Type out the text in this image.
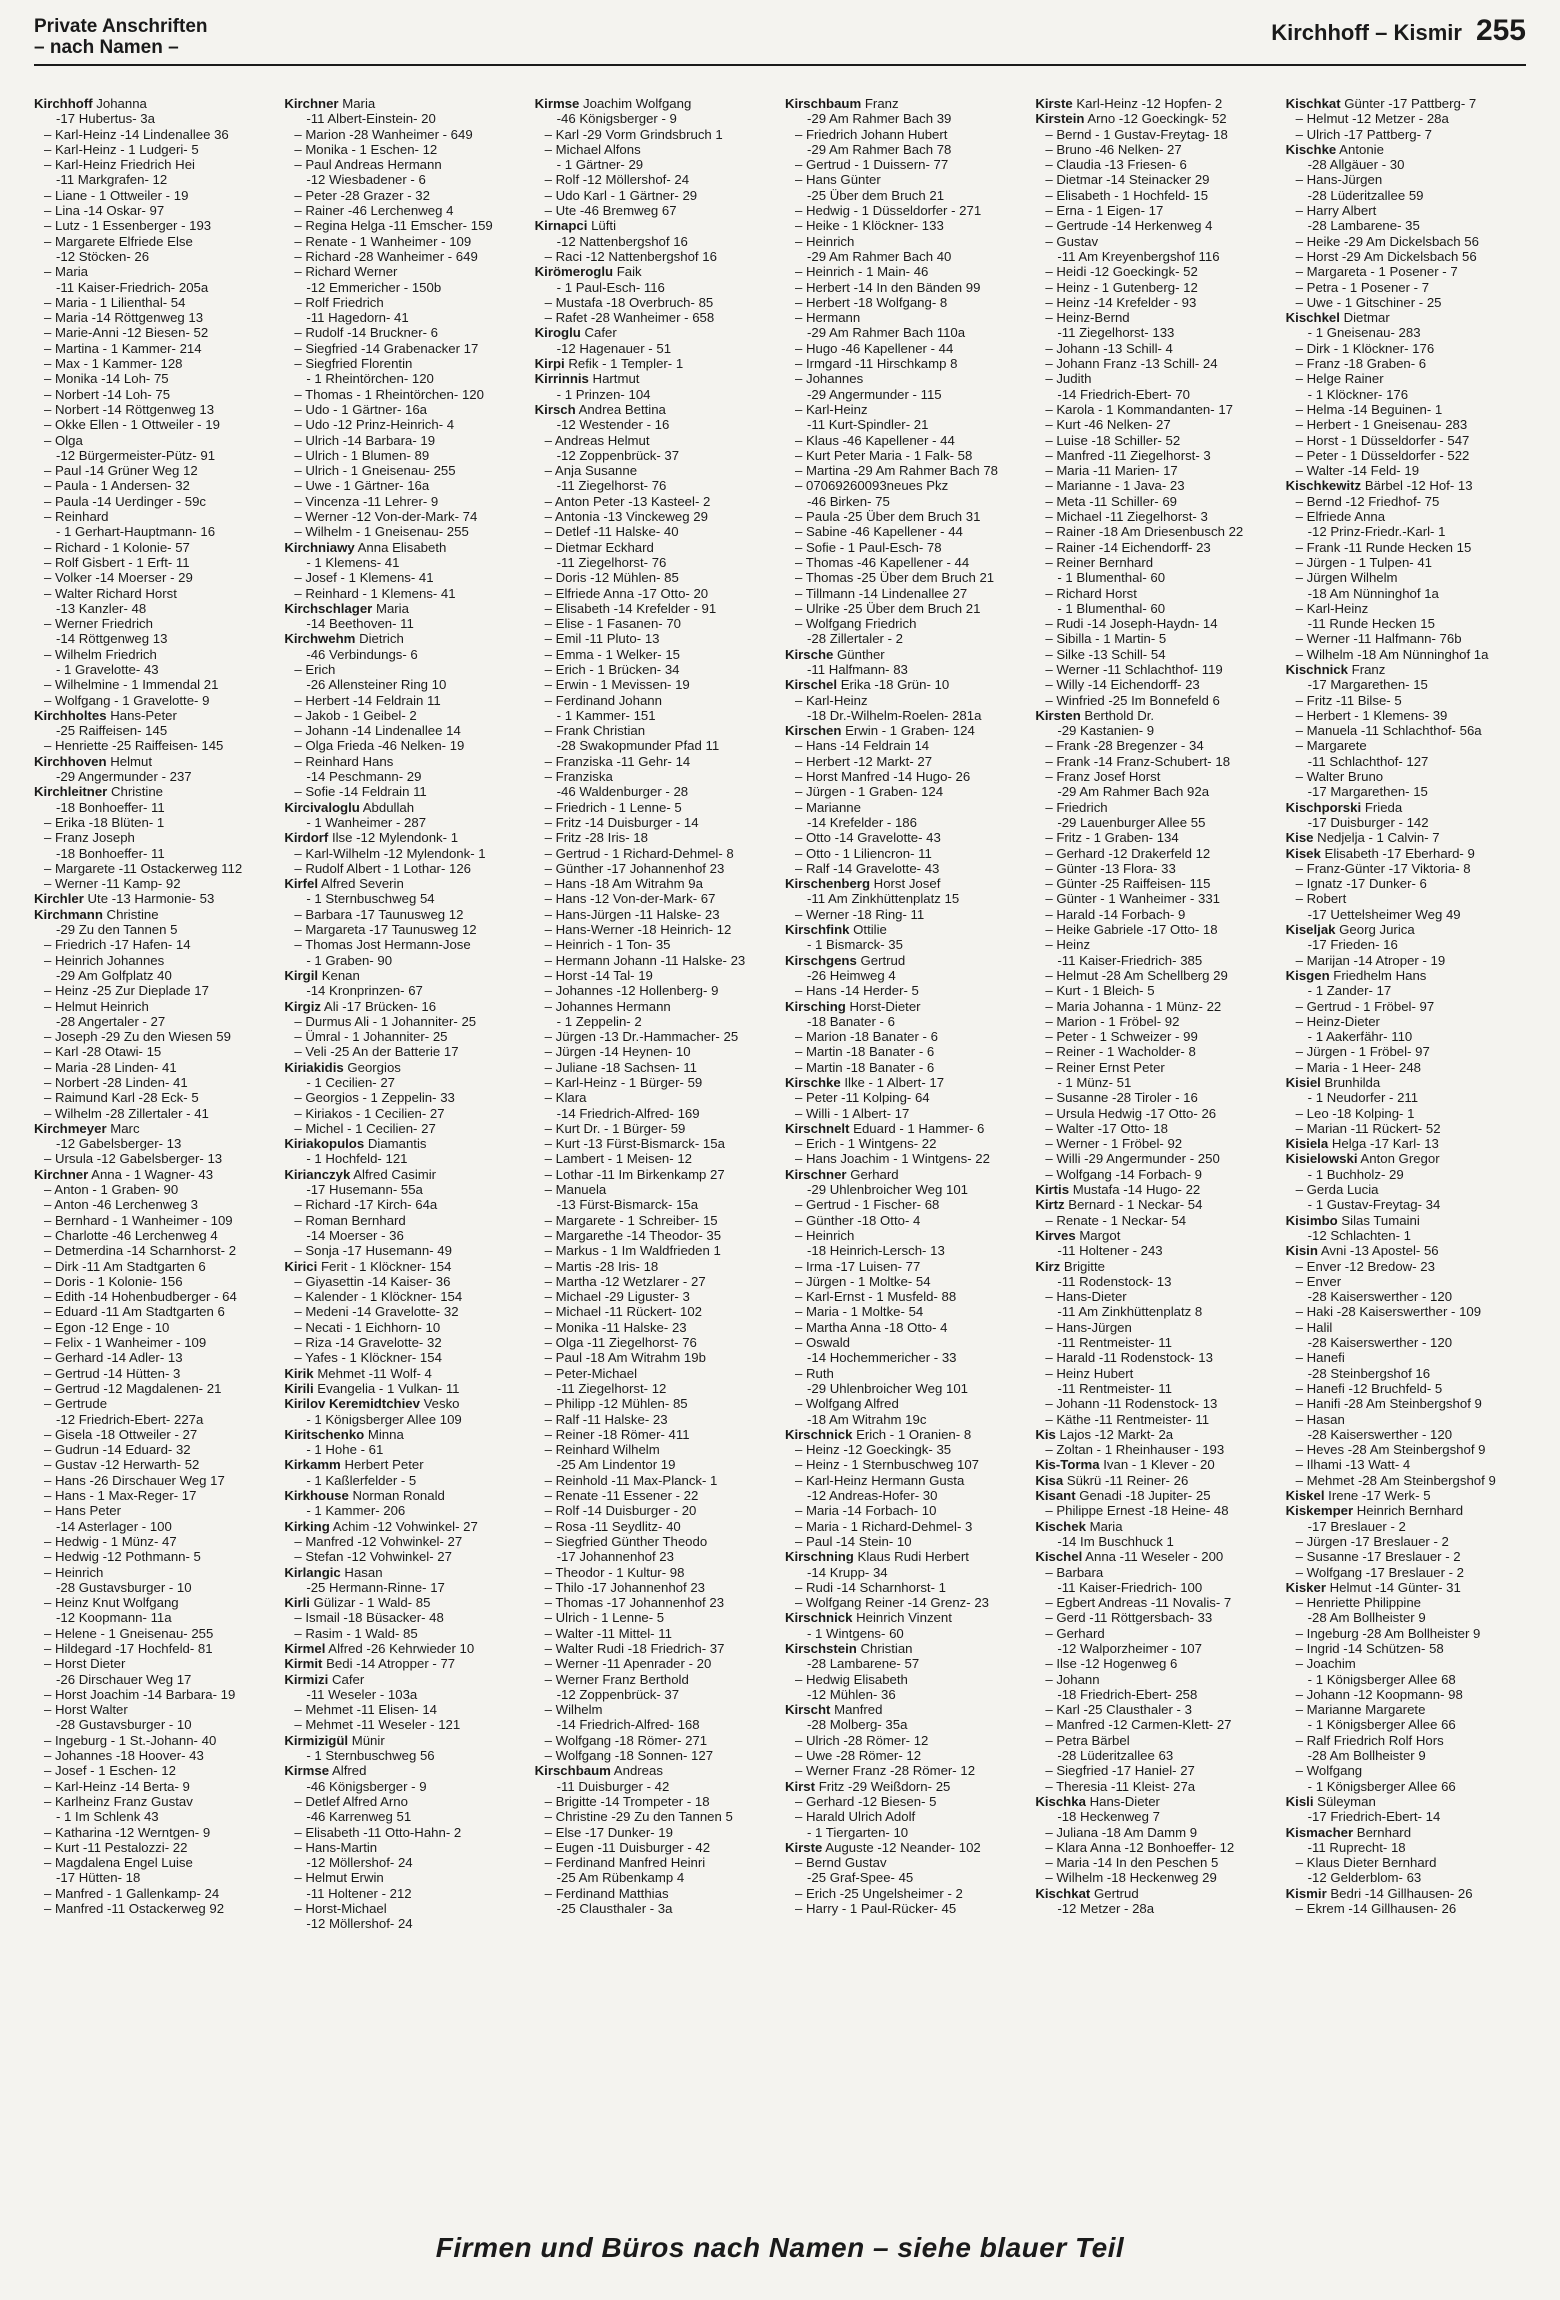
Private Anschriften
– nach Namen –
Kirchhoff – Kismir 255
Kirchhoff Johanna
-17 Hubertus- 3a
– Karl-Heinz -14 Lindenallee 36
– Karl-Heinz - 1 Ludgeri- 5
– Karl-Heinz Friedrich Hei
-11 Markgrafen- 12
– Liane - 1 Ottweiler - 19
– Lina -14 Oskar- 97
– Lutz - 1 Essenberger - 193
– Margarete Elfriede Else
-12 Stöcken- 26
– Maria
-11 Kaiser-Friedrich- 205a
– Maria - 1 Lilienthal- 54
– Maria -14 Röttgenweg 13
– Marie-Anni -12 Biesen- 52
– Martina - 1 Kammer- 214
– Max - 1 Kammer- 128
– Monika -14 Loh- 75
– Norbert -14 Loh- 75
– Norbert -14 Röttgenweg 13
– Okke Ellen - 1 Ottweiler - 19
– Olga
-12 Bürgermeister-Pütz- 91
– Paul -14 Grüner Weg 12
– Paula - 1 Andersen- 32
– Paula -14 Uerdinger - 59c
– Reinhard
- 1 Gerhart-Hauptmann- 16
– Richard - 1 Kolonie- 57
– Rolf Gisbert - 1 Erft- 11
– Volker -14 Moerser - 29
– Walter Richard Horst
-13 Kanzler- 48
– Werner Friedrich
-14 Röttgenweg 13
– Wilhelm Friedrich
- 1 Gravelotte- 43
– Wilhelmine - 1 Immendal 21
– Wolfgang - 1 Gravelotte- 9
Kirchholtes Hans-Peter
-25 Raiffeisen- 145
– Henriette -25 Raiffeisen- 145
Kirchhoven Helmut
-29 Angermunder - 237
Kirchleitner Christine
-18 Bonhoeffer- 11
– Erika -18 Blüten- 1
– Franz Joseph
-18 Bonhoeffer- 11
– Margarete -11 Ostackerweg 112
– Werner -11 Kamp- 92
Kirchler Ute -13 Harmonie- 53
Kirchmann Christine
-29 Zu den Tannen 5
– Friedrich -17 Hafen- 14
– Heinrich Johannes
-29 Am Golfplatz 40
– Heinz -25 Zur Dieplade 17
– Helmut Heinrich
-28 Angertaler - 27
– Joseph -29 Zu den Wiesen 59
– Karl -28 Otawi- 15
– Maria -28 Linden- 41
– Norbert -28 Linden- 41
– Raimund Karl -28 Eck- 5
– Wilhelm -28 Zillertaler - 41
Kirchmeyer Marc
-12 Gabelsberger- 13
– Ursula -12 Gabelsberger- 13
Kirchner Anna - 1 Wagner- 43
– Anton - 1 Graben- 90
– Anton -46 Lerchenweg 3
– Bernhard - 1 Wanheimer - 109
– Charlotte -46 Lerchenweg 4
– Detmerdina -14 Scharnhorst- 2
– Dirk -11 Am Stadtgarten 6
– Doris - 1 Kolonie- 156
– Edith -14 Hohenbudberger - 64
– Eduard -11 Am Stadtgarten 6
– Egon -12 Enge - 10
– Felix - 1 Wanheimer - 109
– Gerhard -14 Adler- 13
– Gertrud -14 Hütten- 3
– Gertrud -12 Magdalenen- 21
– Gertrude
-12 Friedrich-Ebert- 227a
– Gisela -18 Ottweiler - 27
– Gudrun -14 Eduard- 32
– Gustav -12 Herwarth- 52
– Hans -26 Dirschauer Weg 17
– Hans - 1 Max-Reger- 17
– Hans Peter
-14 Asterlager - 100
– Hedwig - 1 Münz- 47
– Hedwig -12 Pothmann- 5
– Heinrich
-28 Gustavsburger - 10
– Heinz Knut Wolfgang
-12 Koopmann- 11a
– Helene - 1 Gneisenau- 255
– Hildegard -17 Hochfeld- 81
– Horst Dieter
-26 Dirschauer Weg 17
– Horst Joachim -14 Barbara- 19
– Horst Walter
-28 Gustavsburger - 10
– Ingeburg - 1 St.-Johann- 40
– Johannes -18 Hoover- 43
– Josef - 1 Eschen- 12
– Karl-Heinz -14 Berta- 9
– Karlheinz Franz Gustav
- 1 Im Schlenk 43
– Katharina -12 Werntgen- 9
– Kurt -11 Pestalozzi- 22
– Magdalena Engel Luise
-17 Hütten- 18
– Manfred - 1 Gallenkamp- 24
– Manfred -11 Ostackerweg 92
Kirchner Maria
-11 Albert-Einstein- 20
– Marion -28 Wanheimer - 649
– Monika - 1 Eschen- 12
– Paul Andreas Hermann
-12 Wiesbadener - 6
– Peter -28 Grazer - 32
– Rainer -46 Lerchenweg 4
– Regina Helga -11 Emscher- 159
– Renate - 1 Wanheimer - 109
– Richard -28 Wanheimer - 649
– Richard Werner
-12 Emmericher - 150b
– Rolf Friedrich
-11 Hagedorn- 41
– Rudolf -14 Bruckner- 6
– Siegfried -14 Grabenacker 17
– Siegfried Florentin
- 1 Rheintörchen- 120
– Thomas - 1 Rheintörchen- 120
– Udo - 1 Gärtner- 16a
– Udo -12 Prinz-Heinrich- 4
– Ulrich -14 Barbara- 19
– Ulrich - 1 Blumen- 89
– Ulrich - 1 Gneisenau- 255
– Uwe - 1 Gärtner- 16a
– Vincenza -11 Lehrer- 9
– Werner -12 Von-der-Mark- 74
– Wilhelm - 1 Gneisenau- 255
Kirchniawy Anna Elisabeth
- 1 Klemens- 41
– Josef - 1 Klemens- 41
– Reinhard - 1 Klemens- 41
Kirchschlager Maria
-14 Beethoven- 11
Kirchwehm Dietrich
-46 Verbindungs- 6
– Erich
-26 Allensteiner Ring 10
– Herbert -14 Feldrain 11
– Jakob - 1 Geibel- 2
– Johann -14 Lindenallee 14
– Olga Frieda -46 Nelken- 19
– Reinhard Hans
-14 Peschmann- 29
– Sofie -14 Feldrain 11
Kircivaloglu Abdullah
- 1 Wanheimer - 287
Kirdorf Ilse -12 Mylendonk- 1
– Karl-Wilhelm -12 Mylendonk- 1
– Rudolf Albert - 1 Lothar- 126
Kirfel Alfred Severin
- 1 Sternbuschweg 54
– Barbara -17 Taunusweg 12
– Margareta -17 Taunusweg 12
– Thomas Jost Hermann-Jose
- 1 Graben- 90
Kirgil Kenan
-14 Kronprinzen- 67
Kirgiz Ali -17 Brücken- 16
– Durmus Ali - 1 Johanniter- 25
– Ümral - 1 Johanniter- 25
– Veli -25 An der Batterie 17
Kiriakidis Georgios
- 1 Cecilien- 27
– Georgios - 1 Zeppelin- 33
– Kiriakos - 1 Cecilien- 27
– Michel - 1 Cecilien- 27
Kiriakopulos Diamantis
- 1 Hochfeld- 121
Kirianczyk Alfred Casimir
-17 Husemann- 55a
– Richard -17 Kirch- 64a
– Roman Bernhard
-14 Moerser - 36
– Sonja -17 Husemann- 49
Kirici Ferit - 1 Klöckner- 154
– Giyasettin -14 Kaiser- 36
– Kalender - 1 Klöckner- 154
– Medeni -14 Gravelotte- 32
– Necati - 1 Eichhorn- 10
– Riza -14 Gravelotte- 32
– Yafes - 1 Klöckner- 154
Kirik Mehmet -11 Wolf- 4
Kirili Evangelia - 1 Vulkan- 11
Kirilov Keremidtchiev Vesko
- 1 Königsberger Allee 109
Kiritschenko Minna
- 1 Hohe - 61
Kirkamm Herbert Peter
- 1 Kaßlerfelder - 5
Kirkhouse Norman Ronald
- 1 Kammer- 206
Kirking Achim -12 Vohwinkel- 27
– Manfred -12 Vohwinkel- 27
– Stefan -12 Vohwinkel- 27
Kirlangic Hasan
-25 Hermann-Rinne- 17
Kirli Gülizar - 1 Wald- 85
– Ismail -18 Büsacker- 48
– Rasim - 1 Wald- 85
Kirmel Alfred -26 Kehrwieder 10
Kirmit Bedi -14 Atropper - 77
Kirmizi Cafer
-11 Weseler - 103a
– Mehmet -11 Elisen- 14
– Mehmet -11 Weseler - 121
Kirmizigül Münir
- 1 Sternbuschweg 56
Kirmse Alfred
-46 Königsberger - 9
– Detlef Alfred Arno
-46 Karrenweg 51
– Elisabeth -11 Otto-Hahn- 2
– Hans-Martin
-12 Möllershof- 24
– Helmut Erwin
-11 Holtener - 212
– Horst-Michael
-12 Möllershof- 24
Kirmse Joachim Wolfgang
-46 Königsberger - 9
– Karl -29 Vorm Grindsbruch 1
– Michael Alfons
- 1 Gärtner- 29
– Rolf -12 Möllershof- 24
– Udo Karl - 1 Gärtner- 29
– Ute -46 Bremweg 67
Kirnapci Lüfti
-12 Nattenbergshof 16
– Raci -12 Nattenbergshof 16
Kirömeroglu Faik
- 1 Paul-Esch- 116
– Mustafa -18 Overbruch- 85
– Rafet -28 Wanheimer - 658
Kiroglu Cafer
-12 Hagenauer - 51
Kirpi Refik - 1 Templer- 1
Kirrinnis Hartmut
- 1 Prinzen- 104
Kirsch Andrea Bettina
-12 Westender - 16
– Andreas Helmut
-12 Zoppenbrück- 37
– Anja Susanne
-11 Ziegelhorst- 76
– Anton Peter -13 Kasteel- 2
– Antonia -13 Vinckeweg 29
– Detlef -11 Halske- 40
– Dietmar Eckhard
-11 Ziegelhorst- 76
– Doris -12 Mühlen- 85
– Elfriede Anna -17 Otto- 20
– Elisabeth -14 Krefelder - 91
– Elise - 1 Fasanen- 70
– Emil -11 Pluto- 13
– Emma - 1 Welker- 15
– Erich - 1 Brücken- 34
– Erwin - 1 Mevissen- 19
– Ferdinand Johann
- 1 Kammer- 151
– Frank Christian
-28 Swakopmunder Pfad 11
– Franziska -11 Gehr- 14
– Franziska
-46 Waldenburger - 28
– Friedrich - 1 Lenne- 5
– Fritz -14 Duisburger - 14
– Fritz -28 Iris- 18
– Gertrud - 1 Richard-Dehmel- 8
– Günther -17 Johannenhof 23
– Hans -18 Am Witrahm 9a
– Hans -12 Von-der-Mark- 67
– Hans-Jürgen -11 Halske- 23
– Hans-Werner -18 Heinrich- 12
– Heinrich - 1 Ton- 35
– Hermann Johann -11 Halske- 23
– Horst -14 Tal- 19
– Johannes -12 Hollenberg- 9
– Johannes Hermann
- 1 Zeppelin- 2
– Jürgen -13 Dr.-Hammacher- 25
– Jürgen -14 Heynen- 10
– Juliane -18 Sachsen- 11
– Karl-Heinz - 1 Bürger- 59
– Klara
-14 Friedrich-Alfred- 169
– Kurt Dr. - 1 Bürger- 59
– Kurt -13 Fürst-Bismarck- 15a
– Lambert - 1 Meisen- 12
– Lothar -11 Im Birkenkamp 27
– Manuela
-13 Fürst-Bismarck- 15a
– Margarete - 1 Schreiber- 15
– Margarethe -14 Theodor- 35
– Markus - 1 Im Waldfrieden 1
– Martis -28 Iris- 18
– Martha -12 Wetzlarer - 27
– Michael -29 Liguster- 3
– Michael -11 Rückert- 102
– Monika -11 Halske- 23
– Olga -11 Ziegelhorst- 76
– Paul -18 Am Witrahm 19b
– Peter-Michael
-11 Ziegelhorst- 12
– Philipp -12 Mühlen- 85
– Ralf -11 Halske- 23
– Reiner -18 Römer- 411
– Reinhard Wilhelm
-25 Am Lindentor 19
– Reinhold -11 Max-Planck- 1
– Renate -11 Essener - 22
– Rolf -14 Duisburger - 20
– Rosa -11 Seydlitz- 40
– Siegfried Günther Theodo
-17 Johannenhof 23
– Theodor - 1 Kultur- 98
– Thilo -17 Johannenhof 23
– Thomas -17 Johannenhof 23
– Ulrich - 1 Lenne- 5
– Walter -11 Mittel- 11
– Walter Rudi -18 Friedrich- 37
– Werner -11 Apenrader - 20
– Werner Franz Berthold
-12 Zoppenbrück- 37
– Wilhelm
-14 Friedrich-Alfred- 168
– Wolfgang -18 Römer- 271
– Wolfgang -18 Sonnen- 127
Kirschbaum Andreas
-11 Duisburger - 42
– Brigitte -14 Trompeter - 18
– Christine -29 Zu den Tannen 5
– Else -17 Dunker- 19
– Eugen -11 Duisburger - 42
– Ferdinand Manfred Heinri
-25 Am Rübenkamp 4
– Ferdinand Matthias
-25 Clausthaler - 3a
Kirschbaum Franz
-29 Am Rahmer Bach 39
– Friedrich Johann Hubert
-29 Am Rahmer Bach 78
– Gertrud - 1 Duissern- 77
– Hans Günter
-25 Über dem Bruch 21
– Hedwig - 1 Düsseldorfer - 271
– Heike - 1 Klöckner- 133
– Heinrich
-29 Am Rahmer Bach 40
– Heinrich - 1 Main- 46
– Herbert -14 In den Bänden 99
– Herbert -18 Wolfgang- 8
– Hermann
-29 Am Rahmer Bach 110a
– Hugo -46 Kapellener - 44
– Irmgard -11 Hirschkamp 8
– Johannes
-29 Angermunder - 115
– Karl-Heinz
-11 Kurt-Spindler- 21
– Klaus -46 Kapellener - 44
– Kurt Peter Maria - 1 Falk- 58
– Martina -29 Am Rahmer Bach 78
– 07069260093neues Pkz
-46 Birken- 75
– Paula -25 Über dem Bruch 31
– Sabine -46 Kapellener - 44
– Sofie - 1 Paul-Esch- 78
– Thomas -46 Kapellener - 44
– Thomas -25 Über dem Bruch 21
– Tillmann -14 Lindenallee 27
– Ulrike -25 Über dem Bruch 21
– Wolfgang Friedrich
-28 Zillertaler - 2
Kirsche Günther
-11 Halfmann- 83
Kirschel Erika -18 Grün- 10
– Karl-Heinz
-18 Dr.-Wilhelm-Roelen- 281a
Kirschen Erwin - 1 Graben- 124
– Hans -14 Feldrain 14
– Herbert -12 Markt- 27
– Horst Manfred -14 Hugo- 26
– Jürgen - 1 Graben- 124
– Marianne
-14 Krefelder - 186
– Otto -14 Gravelotte- 43
– Otto - 1 Liliencron- 11
– Ralf -14 Gravelotte- 43
Kirschenberg Horst Josef
-11 Am Zinkhüttenplatz 15
– Werner -18 Ring- 11
Kirschfink Ottilie
- 1 Bismarck- 35
Kirschgens Gertrud
-26 Heimweg 4
– Hans -14 Herder- 5
Kirsching Horst-Dieter
-18 Banater - 6
– Marion -18 Banater - 6
– Martin -18 Banater - 6
– Martin -18 Banater - 6
Kirschke Ilke - 1 Albert- 17
– Peter -11 Kolping- 64
– Willi - 1 Albert- 17
Kirschnelt Eduard - 1 Hammer- 6
– Erich - 1 Wintgens- 22
– Hans Joachim - 1 Wintgens- 22
Kirschner Gerhard
-29 Uhlenbroicher Weg 101
– Gertrud - 1 Fischer- 68
– Günther -18 Otto- 4
– Heinrich
-18 Heinrich-Lersch- 13
– Irma -17 Luisen- 77
– Jürgen - 1 Moltke- 54
– Karl-Ernst - 1 Musfeld- 88
– Maria - 1 Moltke- 54
– Martha Anna -18 Otto- 4
– Oswald
-14 Hochemmericher - 33
– Ruth
-29 Uhlenbroicher Weg 101
– Wolfgang Alfred
-18 Am Witrahm 19c
Kirschnick Erich - 1 Oranien- 8
– Heinz -12 Goeckingk- 35
– Heinz - 1 Sternbuschweg 107
– Karl-Heinz Hermann Gusta
-12 Andreas-Hofer- 30
– Maria -14 Forbach- 10
– Maria - 1 Richard-Dehmel- 3
– Paul -14 Stein- 10
Kirschning Klaus Rudi Herbert
-14 Krupp- 34
– Rudi -14 Scharnhorst- 1
– Wolfgang Reiner -14 Grenz- 23
Kirschnick Heinrich Vinzent
- 1 Wintgens- 60
Kirschstein Christian
-28 Lambarene- 57
– Hedwig Elisabeth
-12 Mühlen- 36
Kirscht Manfred
-28 Molberg- 35a
– Ulrich -28 Römer- 12
– Uwe -28 Römer- 12
– Werner Franz -28 Römer- 12
Kirst Fritz -29 Weißdorn- 25
– Gerhard -12 Biesen- 5
– Harald Ulrich Adolf
- 1 Tiergarten- 10
Kirste Auguste -12 Neander- 102
– Bernd Gustav
-25 Graf-Spee- 45
– Erich -25 Ungelsheimer - 2
– Harry - 1 Paul-Rücker- 45
Kirste Karl-Heinz -12 Hopfen- 2
Kirstein Arno -12 Goeckingk- 52
– Bernd - 1 Gustav-Freytag- 18
– Bruno -46 Nelken- 27
– Claudia -13 Friesen- 6
– Dietmar -14 Steinacker 29
– Elisabeth - 1 Hochfeld- 15
– Erna - 1 Eigen- 17
– Gertrude -14 Herkenweg 4
– Gustav
-11 Am Kreyenbergshof 116
– Heidi -12 Goeckingk- 52
– Heinz - 1 Gutenberg- 12
– Heinz -14 Krefelder - 93
– Heinz-Bernd
-11 Ziegelhorst- 133
– Johann -13 Schill- 4
– Johann Franz -13 Schill- 24
– Judith
-14 Friedrich-Ebert- 70
– Karola - 1 Kommandanten- 17
– Kurt -46 Nelken- 27
– Luise -18 Schiller- 52
– Manfred -11 Ziegelhorst- 3
– Maria -11 Marien- 17
– Marianne - 1 Java- 23
– Meta -11 Schiller- 69
– Michael -11 Ziegelhorst- 3
– Rainer -18 Am Driesenbusch 22
– Rainer -14 Eichendorff- 23
– Reiner Bernhard
- 1 Blumenthal- 60
– Richard Horst
- 1 Blumenthal- 60
– Rudi -14 Joseph-Haydn- 14
– Sibilla - 1 Martin- 5
– Silke -13 Schill- 54
– Werner -11 Schlachthof- 119
– Willy -14 Eichendorff- 23
– Winfried -25 Im Bonnefeld 6
Kirsten Berthold Dr.
-29 Kastanien- 9
– Frank -28 Bregenzer - 34
– Frank -14 Franz-Schubert- 18
– Franz Josef Horst
-29 Am Rahmer Bach 92a
– Friedrich
-29 Lauenburger Allee 55
– Fritz - 1 Graben- 134
– Gerhard -12 Drakerfeld 12
– Günter -13 Flora- 33
– Günter -25 Raiffeisen- 115
– Günter - 1 Wanheimer - 331
– Harald -14 Forbach- 9
– Heike Gabriele -17 Otto- 18
– Heinz
-11 Kaiser-Friedrich- 385
– Helmut -28 Am Schellberg 29
– Kurt - 1 Bleich- 5
– Maria Johanna - 1 Münz- 22
– Marion - 1 Fröbel- 92
– Peter - 1 Schweizer - 99
– Reiner - 1 Wacholder- 8
– Reiner Ernst Peter
- 1 Münz- 51
– Susanne -28 Tiroler - 16
– Ursula Hedwig -17 Otto- 26
– Walter -17 Otto- 18
– Werner - 1 Fröbel- 92
– Willi -29 Angermunder - 250
– Wolfgang -14 Forbach- 9
Kirtis Mustafa -14 Hugo- 22
Kirtz Bernard - 1 Neckar- 54
– Renate - 1 Neckar- 54
Kirves Margot
-11 Holtener - 243
Kirz Brigitte
-11 Rodenstock- 13
– Hans-Dieter
-11 Am Zinkhüttenplatz 8
– Hans-Jürgen
-11 Rentmeister- 11
– Harald -11 Rodenstock- 13
– Heinz Hubert
-11 Rentmeister- 11
– Johann -11 Rodenstock- 13
– Käthe -11 Rentmeister- 11
Kis Lajos -12 Markt- 2a
– Zoltan - 1 Rheinhauser - 193
Kis-Torma Ivan - 1 Klever - 20
Kisa Sükrü -11 Reiner- 26
Kisant Genadi -18 Jupiter- 25
– Philippe Ernest -18 Heine- 48
Kischek Maria
-14 Im Buschhuck 1
Kischel Anna -11 Weseler - 200
– Barbara
-11 Kaiser-Friedrich- 100
– Egbert Andreas -11 Novalis- 7
– Gerd -11 Röttgersbach- 33
– Gerhard
-12 Walporzheimer - 107
– Ilse -12 Hogenweg 6
– Johann
-18 Friedrich-Ebert- 258
– Karl -25 Clausthaler - 3
– Manfred -12 Carmen-Klett- 27
– Petra Bärbel
-28 Lüderitzallee 63
– Siegfried -17 Haniel- 27
– Theresia -11 Kleist- 27a
Kischka Hans-Dieter
-18 Heckenweg 7
– Juliana -18 Am Damm 9
– Klara Anna -12 Bonhoeffer- 12
– Maria -14 In den Peschen 5
– Wilhelm -18 Heckenweg 29
Kischkat Gertrud
-12 Metzer - 28a
Kischkat Günter -17 Pattberg- 7
– Helmut -12 Metzer - 28a
– Ulrich -17 Pattberg- 7
Kischke Antonie
-28 Allgäuer - 30
– Hans-Jürgen
-28 Lüderitzallee 59
– Harry Albert
-28 Lambarene- 35
– Heike -29 Am Dickelsbach 56
– Horst -29 Am Dickelsbach 56
– Margareta - 1 Posener - 7
– Petra - 1 Posener - 7
– Uwe - 1 Gitschiner - 25
Kischkel Dietmar
- 1 Gneisenau- 283
– Dirk - 1 Klöckner- 176
– Franz -18 Graben- 6
– Helge Rainer
- 1 Klöckner- 176
– Helma -14 Beguinen- 1
– Herbert - 1 Gneisenau- 283
– Horst - 1 Düsseldorfer - 547
– Peter - 1 Düsseldorfer - 522
– Walter -14 Feld- 19
Kischkewitz Bärbel -12 Hof- 13
– Bernd -12 Friedhof- 75
– Elfriede Anna
-12 Prinz-Friedr.-Karl- 1
– Frank -11 Runde Hecken 15
– Jürgen - 1 Tulpen- 41
– Jürgen Wilhelm
-18 Am Nünninghof 1a
– Karl-Heinz
-11 Runde Hecken 15
– Werner -11 Halfmann- 76b
– Wilhelm -18 Am Nünninghof 1a
Kischnick Franz
-17 Margarethen- 15
– Fritz -11 Bilse- 5
– Herbert - 1 Klemens- 39
– Manuela -11 Schlachthof- 56a
– Margarete
-11 Schlachthof- 127
– Walter Bruno
-17 Margarethen- 15
Kischporski Frieda
-17 Duisburger - 142
Kise Nedjelja - 1 Calvin- 7
Kisek Elisabeth -17 Eberhard- 9
– Franz-Günter -17 Viktoria- 8
– Ignatz -17 Dunker- 6
– Robert
-17 Uettelsheimer Weg 49
Kiseljak Georg Jurica
-17 Frieden- 16
– Marijan -14 Atroper - 19
Kisgen Friedhelm Hans
- 1 Zander- 17
– Gertrud - 1 Fröbel- 97
– Heinz-Dieter
- 1 Aakerfähr- 110
– Jürgen - 1 Fröbel- 97
– Maria - 1 Heer- 248
Kisiel Brunhilda
- 1 Neudorfer - 211
– Leo -18 Kolping- 1
– Marian -11 Rückert- 52
Kisiela Helga -17 Karl- 13
Kisielowski Anton Gregor
- 1 Buchholz- 29
– Gerda Lucia
- 1 Gustav-Freytag- 34
Kisimbo Silas Tumaini
-12 Schlachten- 1
Kisin Avni -13 Apostel- 56
– Enver -12 Bredow- 23
– Enver
-28 Kaiserswerther - 120
– Haki -28 Kaiserswerther - 109
– Halil
-28 Kaiserswerther - 120
– Hanefi
-28 Steinbergshof 16
– Hanefi -12 Bruchfeld- 5
– Hanifi -28 Am Steinbergshof 9
– Hasan
-28 Kaiserswerther - 120
– Heves -28 Am Steinbergshof 9
– Ilhami -13 Watt- 4
– Mehmet -28 Am Steinbergshof 9
Kiskel Irene -17 Werk- 5
Kiskemper Heinrich Bernhard
-17 Breslauer - 2
– Jürgen -17 Breslauer - 2
– Susanne -17 Breslauer - 2
– Wolfgang -17 Breslauer - 2
Kisker Helmut -14 Günter- 31
– Henriette Philippine
-28 Am Bollheister 9
– Ingeburg -28 Am Bollheister 9
– Ingrid -14 Schützen- 58
– Joachim
- 1 Königsberger Allee 68
– Johann -12 Koopmann- 98
– Marianne Margarete
- 1 Königsberger Allee 66
– Ralf Friedrich Rolf Hors
-28 Am Bollheister 9
– Wolfgang
- 1 Königsberger Allee 66
Kisli Süleyman
-17 Friedrich-Ebert- 14
Kismacher Bernhard
-11 Ruprecht- 18
– Klaus Dieter Bernhard
-12 Gelderblom- 63
Kismir Bedri -14 Gillhausen- 26
– Ekrem -14 Gillhausen- 26
Firmen und Büros nach Namen – siehe blauer Teil
